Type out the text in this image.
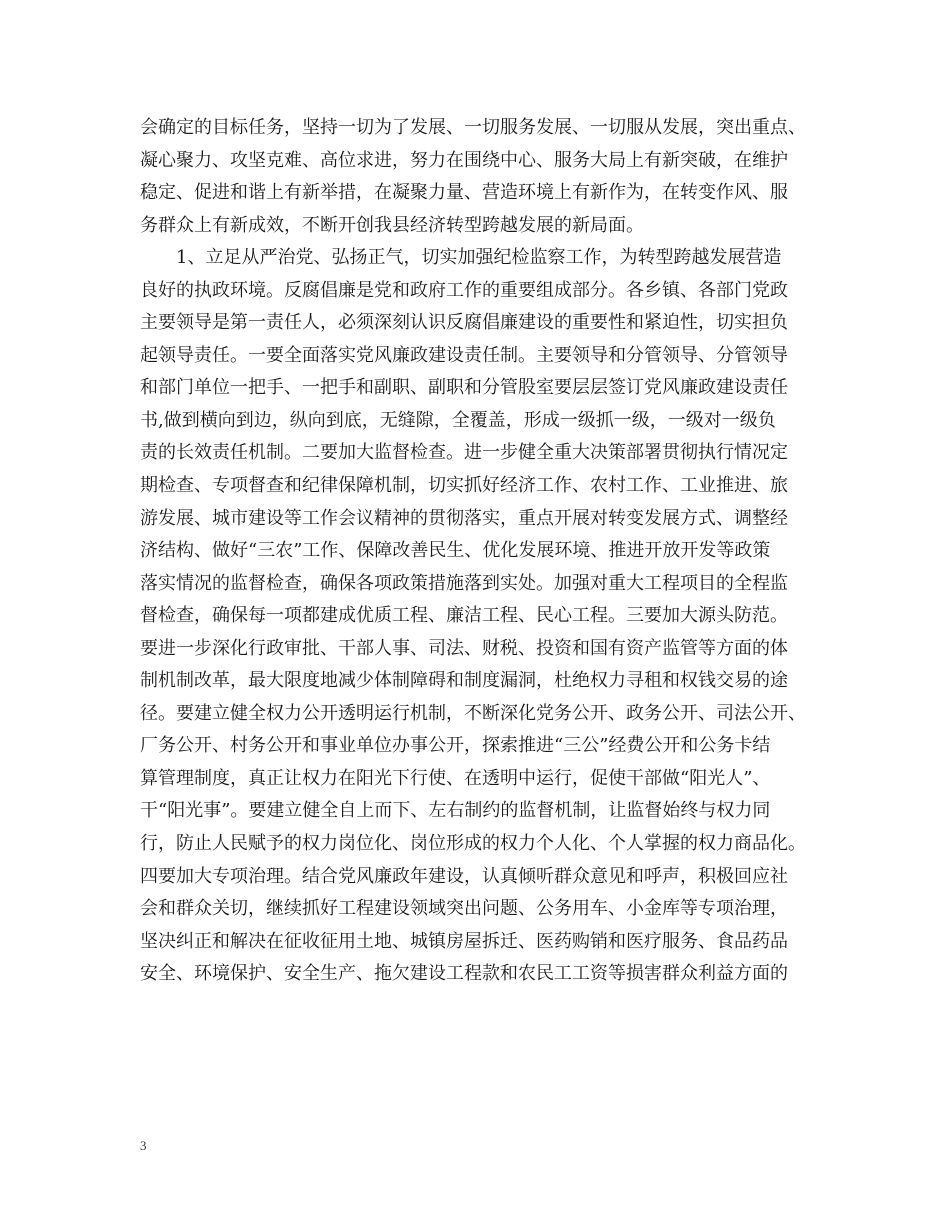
会确定的目标任务，坚持一切为了发展、一切服务发展、一切服从发展，突出重点、
凝心聚力、攻坚克难、高位求进，努力在围绕中心、服务大局上有新突破，在维护
稳定、促进和谐上有新举措，在凝聚力量、营造环境上有新作为，在转变作风、服
务群众上有新成效，不断开创我县经济转型跨越发展的新局面。
1、立足从严治党、弘扬正气，切实加强纪检监察工作，为转型跨越发展营造
良好的执政环境。反腐倡廉是党和政府工作的重要组成部分。各乡镇、各部门党政
主要领导是第一责任人，必须深刻认识反腐倡廉建设的重要性和紧迫性，切实担负
起领导责任。一要全面落实党风廉政建设责任制。主要领导和分管领导、分管领导
和部门单位一把手、一把手和副职、副职和分管股室要层层签订党风廉政建设责任
书,做到横向到边，纵向到底，无缝隙，全覆盖，形成一级抓一级，一级对一级负
责的长效责任机制。二要加大监督检查。进一步健全重大决策部署贯彻执行情况定
期检查、专项督查和纪律保障机制，切实抓好经济工作、农村工作、工业推进、旅
游发展、城市建设等工作会议精神的贯彻落实，重点开展对转变发展方式、调整经
济结构、做好“三农”工作、保障改善民生、优化发展环境、推进开放开发等政策
落实情况的监督检查，确保各项政策措施落到实处。加强对重大工程项目的全程监
督检查，确保每一项都建成优质工程、廉洁工程、民心工程。三要加大源头防范。
要进一步深化行政审批、干部人事、司法、财税、投资和国有资产监管等方面的体
制机制改革，最大限度地减少体制障碍和制度漏洞，杜绝权力寻租和权钱交易的途
径。要建立健全权力公开透明运行机制，不断深化党务公开、政务公开、司法公开、
厂务公开、村务公开和事业单位办事公开，探索推进“三公”经费公开和公务卡结
算管理制度，真正让权力在阳光下行使、在透明中运行，促使干部做“阳光人”、
干“阳光事”。要建立健全自上而下、左右制约的监督机制，让监督始终与权力同
行，防止人民赋予的权力岗位化、岗位形成的权力个人化、个人掌握的权力商品化。
四要加大专项治理。结合党风廉政年建设，认真倾听群众意见和呼声，积极回应社
会和群众关切，继续抓好工程建设领域突出问题、公务用车、小金库等专项治理，
坚决纠正和解决在征收征用土地、城镇房屋拆迁、医药购销和医疗服务、食品药品
安全、环境保护、安全生产、拖欠建设工程款和农民工工资等损害群众利益方面的
3
